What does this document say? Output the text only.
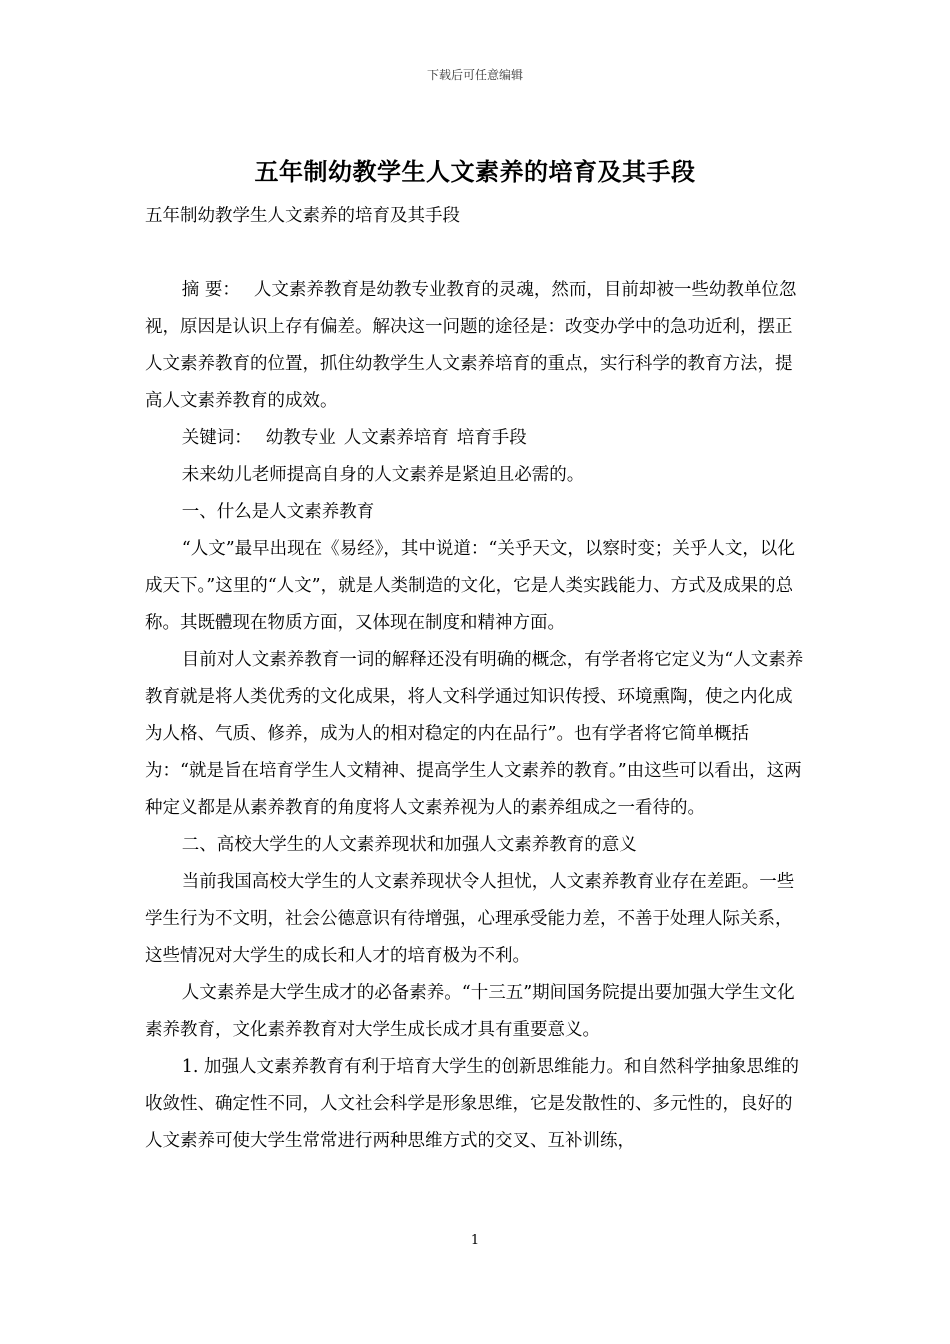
下载后可任意编辑
五年制幼教学生人文素养的培育及其手段

五年制幼教学生人文素养的培育及其手段

摘 要： 人文素养教育是幼教专业教育的灵魂，然而，目前却被一些幼教单位忽视，原因是认识上存有偏差。解决这一问题的途径是：改变办学中的急功近利，摆正人文素养教育的位置，抓住幼教学生人文素养培育的重点，实行科学的教育方法，提高人文素养教育的成效。

关键词： 幼教专业 人文素养培育 培育手段

未来幼儿老师提高自身的人文素养是紧迫且必需的。

一、什么是人文素养教育

“人文”最早出现在《易经》，其中说道：“关乎天文，以察时变；关乎人文，以化成天下。”这里的“人文”，就是人类制造的文化，它是人类实践能力、方式及成果的总称。其既體现在物质方面，又体现在制度和精神方面。

目前对人文素养教育一词的解释还没有明确的概念，有学者将它定义为“人文素养教育就是将人类优秀的文化成果，将人文科学通过知识传授、环境熏陶，使之内化成为人格、气质、修养，成为人的相对稳定的内在品行”。也有学者将它简单概括为：“就是旨在培育学生人文精神、提高学生人文素养的教育。”由这些可以看出，这两种定义都是从素养教育的角度将人文素养视为人的素养组成之一看待的。

二、高校大学生的人文素养现状和加强人文素养教育的意义

当前我国高校大学生的人文素养现状令人担忧，人文素养教育业存在差距。一些学生行为不文明，社会公德意识有待增强，心理承受能力差，不善于处理人际关系，这些情况对大学生的成长和人才的培育极为不利。

人文素养是大学生成才的必备素养。“十三五”期间国务院提出要加强大学生文化素养教育，文化素养教育对大学生成长成才具有重要意义。

1. 加强人文素养教育有利于培育大学生的创新思维能力。和自然科学抽象思维的收敛性、确定性不同，人文社会科学是形象思维，它是发散性的、多元性的，良好的人文素养可使大学生常常进行两种思维方式的交叉、互补训练，

1
